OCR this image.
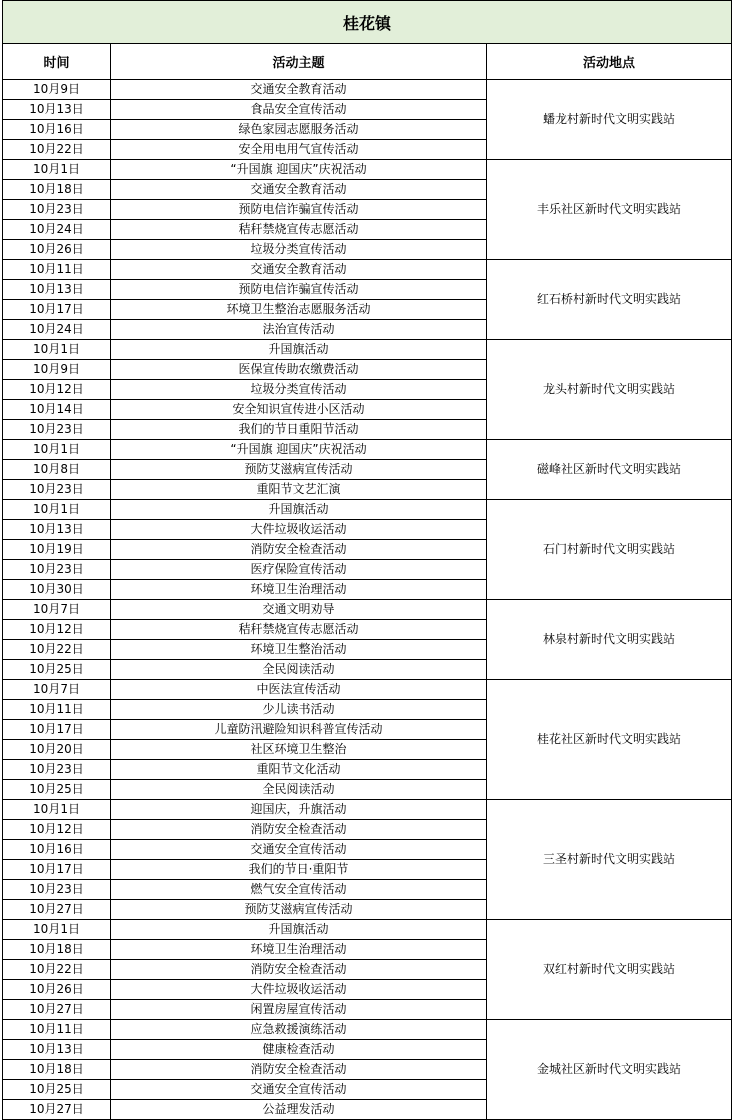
桂花镇		
时间	活动主题	活动地点
10月9日	交通安全教育活动	蟠龙村新时代文明实践站
10月13日	食品安全宣传活动	
10月16日	绿色家园志愿服务活动	
10月22日	安全用电用气宣传活动	
10月1日	“升国旗 迎国庆”庆祝活动	丰乐社区新时代文明实践站
10月18日	交通安全教育活动	
10月23日	预防电信诈骗宣传活动	
10月24日	秸秆禁烧宣传志愿活动	
10月26日	垃圾分类宣传活动	
10月11日	交通安全教育活动	红石桥村新时代文明实践站
10月13日	预防电信诈骗宣传活动	
10月17日	环境卫生整治志愿服务活动	
10月24日	法治宣传活动	
10月1日	升国旗活动	龙头村新时代文明实践站
10月9日	医保宣传助农缴费活动	
10月12日	垃圾分类宣传活动	
10月14日	安全知识宣传进小区活动	
10月23日	我们的节日重阳节活动	
10月1日	“升国旗 迎国庆”庆祝活动	磁峰社区新时代文明实践站
10月8日	预防艾滋病宣传活动	
10月23日	重阳节文艺汇演	
10月1日	升国旗活动	石门村新时代文明实践站
10月13日	大件垃圾收运活动	
10月19日	消防安全检查活动	
10月23日	医疗保险宣传活动	
10月30日	环境卫生治理活动	
10月7日	交通文明劝导	林泉村新时代文明实践站
10月12日	秸秆禁烧宣传志愿活动	
10月22日	环境卫生整治活动	
10月25日	全民阅读活动	
10月7日	中医法宣传活动	桂花社区新时代文明实践站
10月11日	少儿读书活动	
10月17日	儿童防汛避险知识科普宣传活动	
10月20日	社区环境卫生整治	
10月23日	重阳节文化活动	
10月25日	全民阅读活动	
10月1日	迎国庆，升旗活动	三圣村新时代文明实践站
10月12日	消防安全检查活动	
10月16日	交通安全宣传活动	
10月17日	我们的节日·重阳节	
10月23日	燃气安全宣传活动	
10月27日	预防艾滋病宣传活动	
10月1日	升国旗活动	双红村新时代文明实践站
10月18日	环境卫生治理活动	
10月22日	消防安全检查活动	
10月26日	大件垃圾收运活动	
10月27日	闲置房屋宣传活动	
10月11日	应急救援演练活动	金城社区新时代文明实践站
10月13日	健康检查活动	
10月18日	消防安全检查活动	
10月25日	交通安全宣传活动	
10月27日	公益理发活动	
